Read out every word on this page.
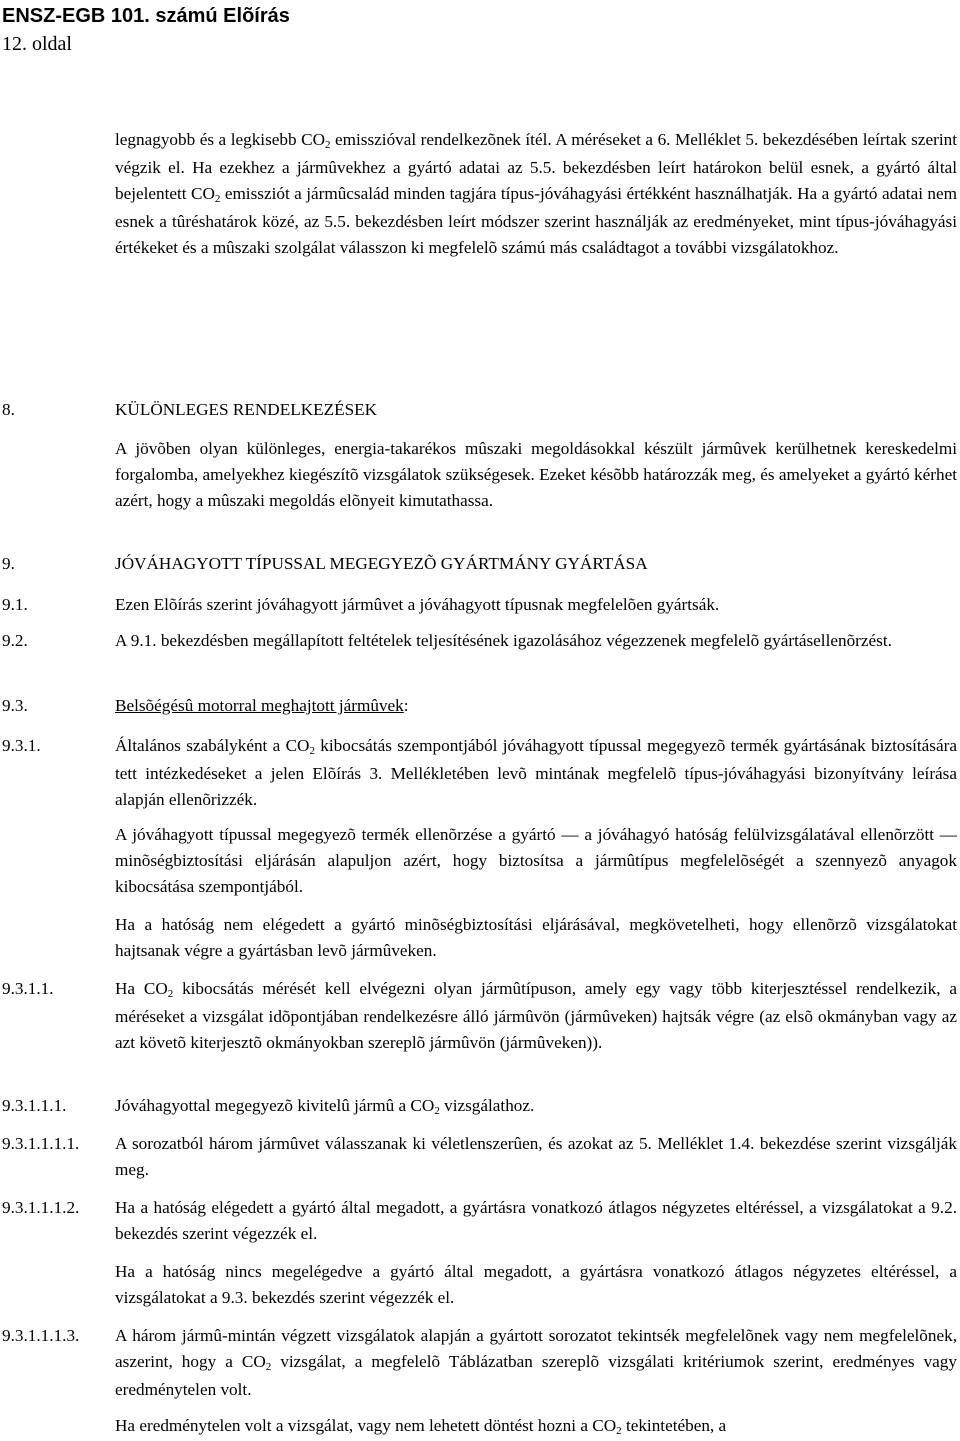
ENSZ-EGB 101. számú Elõírás
12. oldal

legnagyobb és a legkisebb $CO_2$ emisszióval rendelkezõnek ítél. A méréseket a 6. Melléklet 5. bekezdésében leírtak szerint végzik el. Ha ezekhez a jármûvekhez a gyártó adatai az 5.5. bekezdésben leírt határokon belül esnek, a gyártó által bejelentett $CO_2$ emissziót a jármûcsalád minden tagjára típus-jóváhagyási értékként használhatják. Ha a gyártó adatai nem esnek a tûréshatárok közé, az 5.5. bekezdésben leírt módszer szerint használják az eredményeket, mint típus-jóváhagyási értékeket és a mûszaki szolgálat válasszon ki megfelelõ számú más családtagot a további vizsgálatokhoz.

8.	KÜLÖNLEGES RENDELKEZÉSEK

A jövõben olyan különleges, energia-takarékos mûszaki megoldásokkal készült jármûvek kerülhetnek kereskedelmi forgalomba, amelyekhez kiegészítõ vizsgálatok szükségesek. Ezeket késõbb határozzák meg, és amelyeket a gyártó kérhet azért, hogy a mûszaki megoldás elõnyeit kimutathassa.

9.	JÓVÁHAGYOTT TÍPUSSAL MEGEGYEZÕ GYÁRTMÁNY GYÁRTÁSA

9.1.	Ezen Elõírás szerint jóváhagyott jármûvet a jóváhagyott típusnak megfelelõen gyártsák.

9.2.	A 9.1. bekezdésben megállapított feltételek teljesítésének igazolásához végezzenek megfelelõ gyártásellenõrzést.

9.3.	Belsõégésû motorral meghajtott jármûvek:

9.3.1.	Általános szabályként a $CO_2$ kibocsátás szempontjából jóváhagyott típussal megegyezõ termék gyártásának biztosítására tett intézkedéseket a jelen Elõírás 3. Mellékletében levõ mintának megfelelõ típus-jóváhagyási bizonyítvány leírása alapján ellenõrizzék.

A jóváhagyott típussal megegyezõ termék ellenõrzése a gyártó — a jóváhagyó hatóság felülvizsgálatával ellenõrzött — minõségbiztosítási eljárásán alapuljon azért, hogy biztosítsa a jármûtípus megfelelõségét a szennyezõ anyagok kibocsátása szempontjából.

Ha a hatóság nem elégedett a gyártó minõségbiztosítási eljárásával, megkövetelheti, hogy ellenõrzõ vizsgálatokat hajtsanak végre a gyártásban levõ jármûveken.

9.3.1.1.	Ha $CO_2$ kibocsátás mérését kell elvégezni olyan jármûtípuson, amely egy vagy több kiterjesztéssel rendelkezik, a méréseket a vizsgálat idõpontjában rendelkezésre álló jármûvön (jármûveken) hajtsák végre (az elsõ okmányban vagy az azt követõ kiterjesztõ okmányokban szereplõ jármûvön (jármûveken)).

9.3.1.1.1.	Jóváhagyottal megegyezõ kivitelû jármû a $CO_2$ vizsgálathoz.

9.3.1.1.1.1. A sorozatból három jármûvet válasszanak ki véletlenszerûen, és azokat az 5. Melléklet 1.4. bekezdése szerint vizsgálják meg.

9.3.1.1.1.2. Ha a hatóság elégedett a gyártó által megadott, a gyártásra vonatkozó átlagos négyzetes eltéréssel, a vizsgálatokat a 9.2. bekezdés szerint végezzék el.

Ha a hatóság nincs megelégedve a gyártó által megadott, a gyártásra vonatkozó átlagos négyzetes eltéréssel, a vizsgálatokat a 9.3. bekezdés szerint végezzék el.

9.3.1.1.1.3. A három jármû-mintán végzett vizsgálatok alapján a gyártott sorozatot tekintsék megfelelõnek vagy nem megfelelõnek, aszerint, hogy a $CO_2$ vizsgálat, a megfelelõ Táblázatban szereplõ vizsgálati kritériumok szerint, eredményes vagy eredménytelen volt.

Ha eredménytelen volt a vizsgálat, vagy nem lehetett döntést hozni a $CO_2$ tekintetében, a
